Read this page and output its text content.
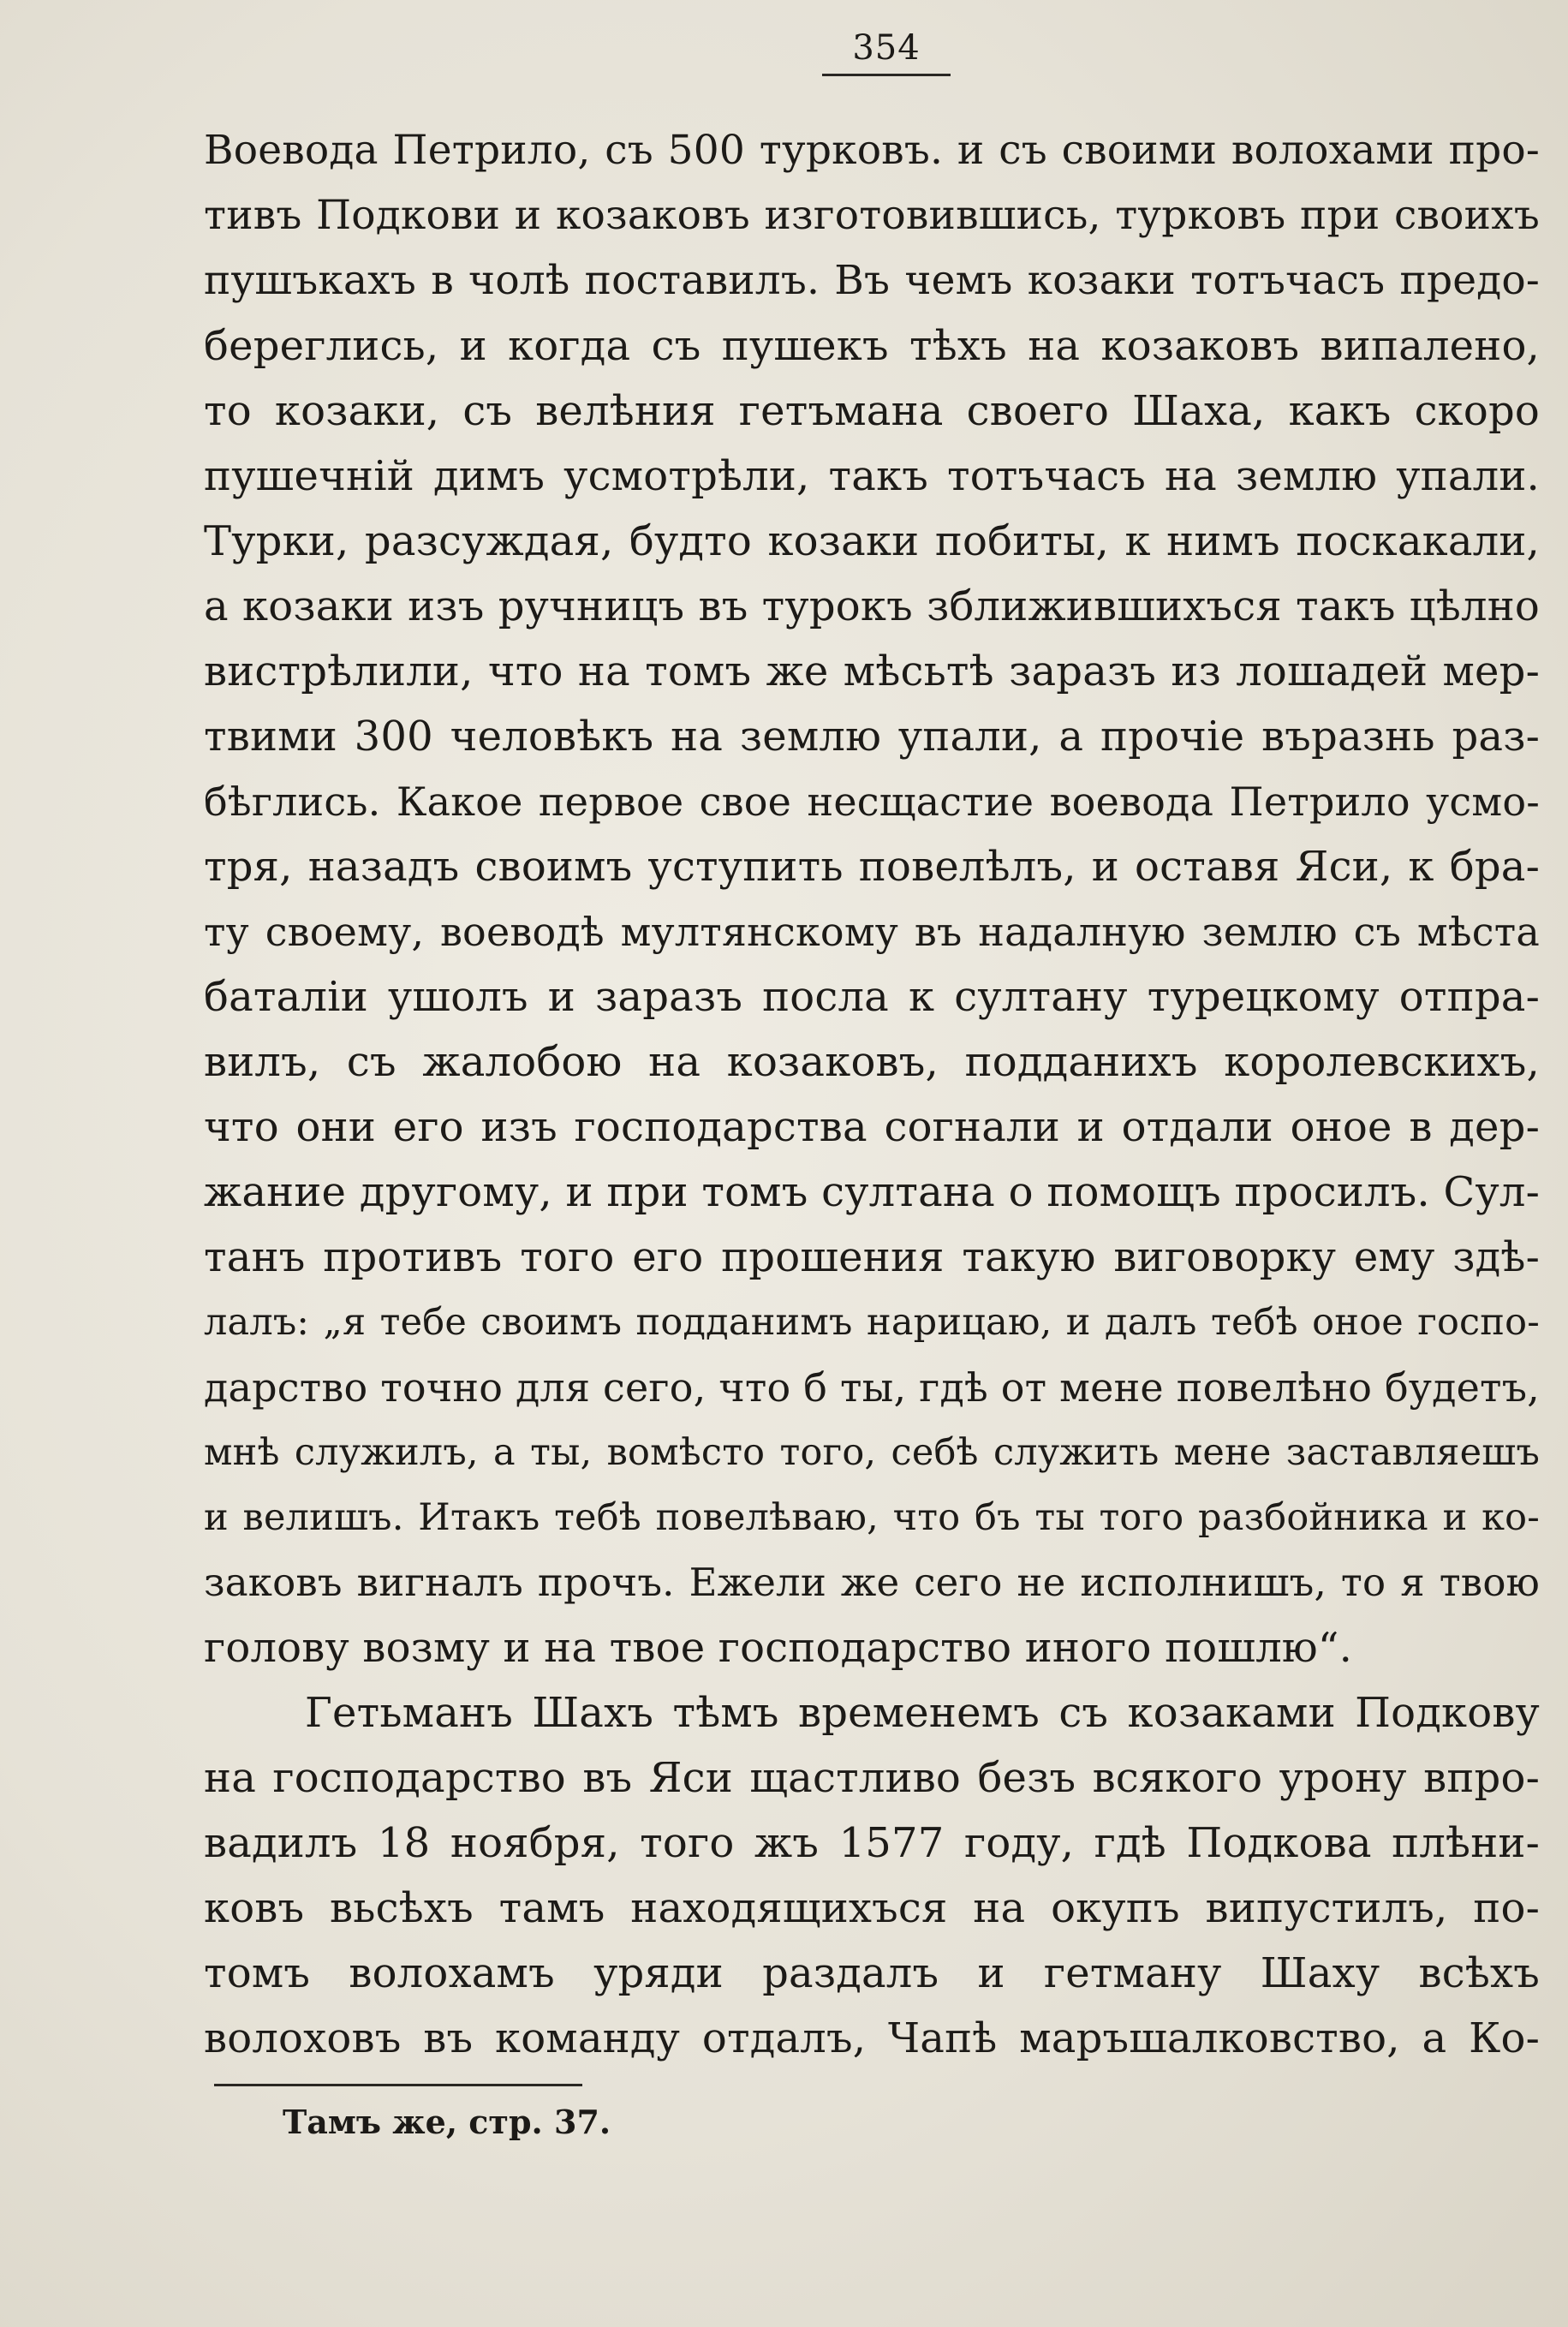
354
Воевода Петрило, съ 500 турковъ. и съ своими волохами про-
тивъ Подкови и козаковъ изготовившись, турковъ при своихъ
пушъкахъ в чолѣ поставилъ. Въ чемъ козаки тотъчасъ предо-
береглись, и когда съ пушекъ тѣхъ на козаковъ випалено,
то козаки, съ велѣния гетъмана своего Шаха, какъ скоро
пушечній димъ усмотрѣли, такъ тотъчасъ на землю упали.
Турки, разсуждая, будто козаки побиты, к нимъ поскакали,
а козаки изъ ручницъ въ турокъ зближившихъся такъ цѣлно
вистрѣлили, что на томъ же мѣсьтѣ заразъ из лошадей мер-
твими 300 человѣкъ на землю упали, а прочіе въразнь раз-
бѣглись. Какое первое свое несщастие воевода Петрило усмо-
тря, назадъ своимъ уступить повелѣлъ, и оставя Яси, к бра-
ту своему, воеводѣ мултянскому въ надалную землю съ мѣста
баталіи ушолъ и заразъ посла к султану турецкому отпра-
вилъ, съ жалобою на козаковъ, подданихъ королевскихъ,
что они его изъ господарства согнали и отдали оное в дер-
жание другому, и при томъ султана о помощъ просилъ. Сул-
танъ противъ того его прошения такую виговорку ему здѣ-
лалъ: „я тебе своимъ подданимъ нарицаю, и далъ тебѣ оное госпо-
дарство точно для сего, что б ты, гдѣ от мене повелѣно будетъ,
мнѣ служилъ, а ты, вомѣсто того, себѣ служить мене заставляешъ
и велишъ. Итакъ тебѣ повелѣваю, что бъ ты того разбойника и ко-
заковъ вигналъ прочъ. Ежели же сего не исполнишъ, то я твою
голову возму и на твое господарство иного пошлю“.
Гетьманъ Шахъ тѣмъ временемъ съ козаками Подкову
на господарство въ Яси щастливо безъ всякого урону впро-
вадилъ 18 ноября, того жъ 1577 году, гдѣ Подкова плѣни-
ковъ вьсѣхъ тамъ находящихъся на окупъ випустилъ, по-
томъ волохамъ уряди раздалъ и гетману Шаху всѣхъ
волоховъ въ команду отдалъ, Чапѣ маръшалковство, а Ко-
Тамъ же, стр. 37.
